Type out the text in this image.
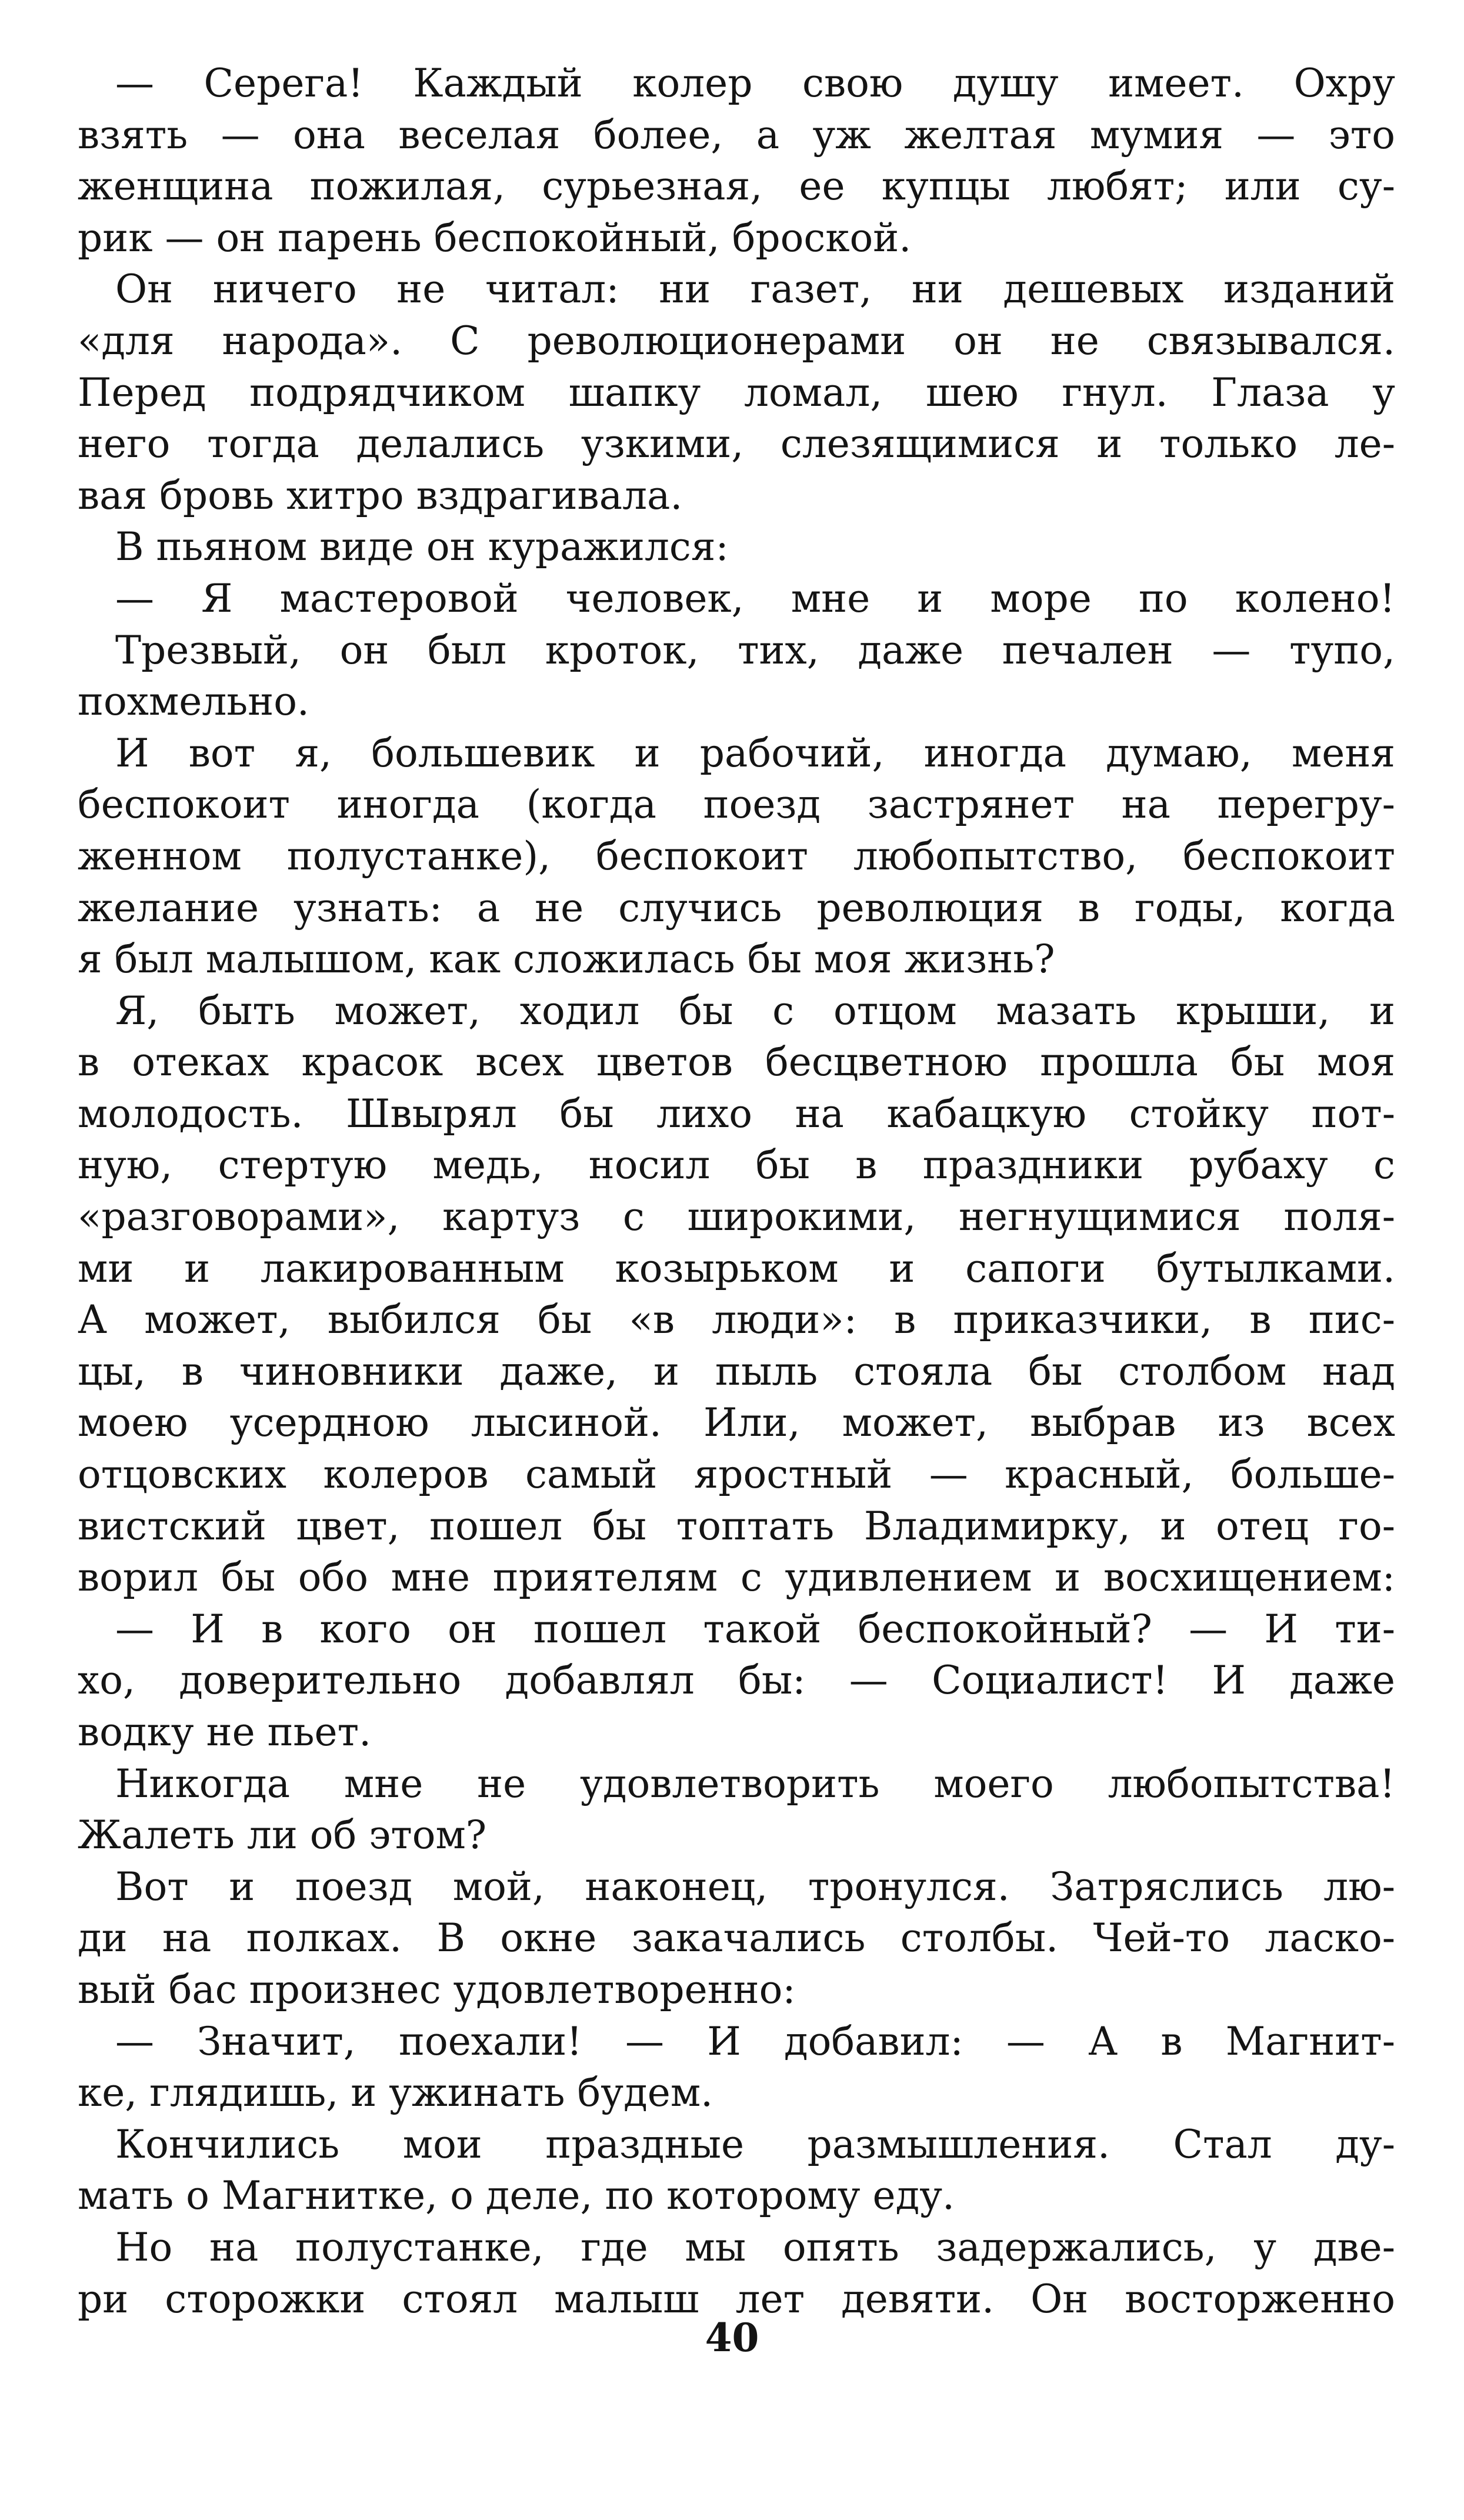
— Серега! Каждый колер свою душу имеет. Охру
взять — она веселая более, а уж желтая мумия — это
женщина пожилая, сурьезная, ее купцы любят; или су-
рик — он парень беспокойный, броской.
Он ничего не читал: ни газет, ни дешевых изданий
«для народа». С революционерами он не связывался.
Перед подрядчиком шапку ломал, шею гнул. Глаза у
него тогда делались узкими, слезящимися и только ле-
вая бровь хитро вздрагивала.
В пьяном виде он куражился:
— Я мастеровой человек, мне и море по колено!
Трезвый, он был кроток, тих, даже печален — тупо,
похмельно.
И вот я, большевик и рабочий, иногда думаю, меня
беспокоит иногда (когда поезд застрянет на перегру-
женном полустанке), беспокоит любопытство, беспокоит
желание узнать: а не случись революция в годы, когда
я был малышом, как сложилась бы моя жизнь?
Я, быть может, ходил бы с отцом мазать крыши, и
в отеках красок всех цветов бесцветною прошла бы моя
молодость. Швырял бы лихо на кабацкую стойку пот-
ную, стертую медь, носил бы в праздники рубаху с
«разговорами», картуз с широкими, негнущимися поля-
ми и лакированным козырьком и сапоги бутылками.
А может, выбился бы «в люди»: в приказчики, в пис-
цы, в чиновники даже, и пыль стояла бы столбом над
моею усердною лысиной. Или, может, выбрав из всех
отцовских колеров самый яростный — красный, больше-
вистский цвет, пошел бы топтать Владимирку, и отец го-
ворил бы обо мне приятелям с удивлением и восхищением:
— И в кого он пошел такой беспокойный? — И ти-
хо, доверительно добавлял бы: — Социалист! И даже
водку не пьет.
Никогда мне не удовлетворить моего любопытства!
Жалеть ли об этом?
Вот и поезд мой, наконец, тронулся. Затряслись лю-
ди на полках. В окне закачались столбы. Чей-то ласко-
вый бас произнес удовлетворенно:
— Значит, поехали! — И добавил: — А в Магнит-
ке, глядишь, и ужинать будем.
Кончились мои праздные размышления. Стал ду-
мать о Магнитке, о деле, по которому еду.
Но на полустанке, где мы опять задержались, у две-
ри сторожки стоял малыш лет девяти. Он восторженно
40
